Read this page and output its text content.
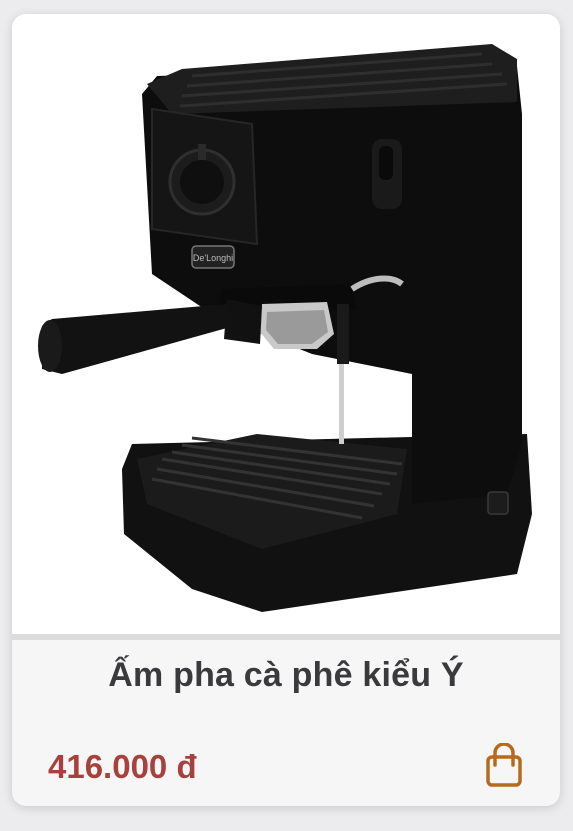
De'Longhi
Ấm pha cà phê kiểu Ý
416.000 đ
